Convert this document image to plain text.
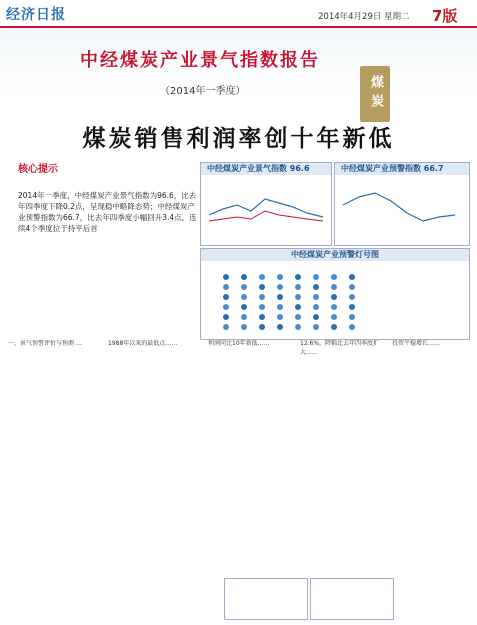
经济日报	2014年4月29日 星期二 7版
中经煤炭产业景气指数报告
（2014年一季度）	煤炭
煤炭销售利润率创十年新低
核心提示
2014年一季度，中经煤炭产业景气指数为96.6，比去年四季度下降0.2点，呈现稳中略降态势；中经煤炭产业预警指数为66.7，比去年四季度小幅回升3.4点，连续4个季度位于持平后首
中经煤炭产业景气指数 96.6	中经煤炭产业预警指数 66.7
中经煤炭产业预警灯号图
一、景气预警评价与预测 …	1988年以来的最低点……	利润同比10年新低……	12.6%，降幅比去年四季度扩大……
投资平稳增长……
